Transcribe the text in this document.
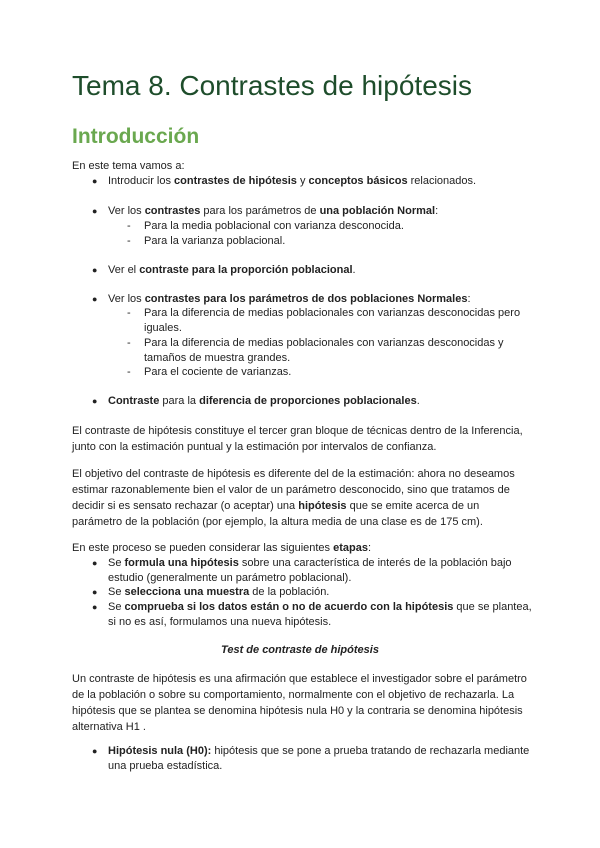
Tema 8. Contrastes de hipótesis
Introducción

En este tema vamos a:

● Introducir los contrastes de hipótesis y conceptos básicos relacionados.
● Ver los contrastes para los parámetros de una población Normal:
- Para la media poblacional con varianza desconocida.
- Para la varianza poblacional.
● Ver el contraste para la proporción poblacional.
● Ver los contrastes para los parámetros de dos poblaciones Normales:
- Para la diferencia de medias poblacionales con varianzas desconocidas pero iguales.
- Para la diferencia de medias poblacionales con varianzas desconocidas y tamaños de muestra grandes.
- Para el cociente de varianzas.
● Contraste para la diferencia de proporciones poblacionales.

El contraste de hipótesis constituye el tercer gran bloque de técnicas dentro de la Inferencia, junto con la estimación puntual y la estimación por intervalos de confianza.

El objetivo del contraste de hipótesis es diferente del de la estimación: ahora no deseamos estimar razonablemente bien el valor de un parámetro desconocido, sino que tratamos de decidir si es sensato rechazar (o aceptar) una hipótesis que se emite acerca de un parámetro de la población (por ejemplo, la altura media de una clase es de 175 cm).

En este proceso se pueden considerar las siguientes etapas:

● Se formula una hipótesis sobre una característica de interés de la población bajo estudio (generalmente un parámetro poblacional).
● Se selecciona una muestra de la población.
● Se comprueba si los datos están o no de acuerdo con la hipótesis que se plantea, si no es así, formulamos una nueva hipótesis.

Test de contraste de hipótesis

Un contraste de hipótesis es una afirmación que establece el investigador sobre el parámetro de la población o sobre su comportamiento, normalmente con el objetivo de rechazarla. La hipótesis que se plantea se denomina hipótesis nula H0 y la contraria se denomina hipótesis alternativa H1 .

● Hipótesis nula (H0): hipótesis que se pone a prueba tratando de rechazarla mediante una prueba estadística.
